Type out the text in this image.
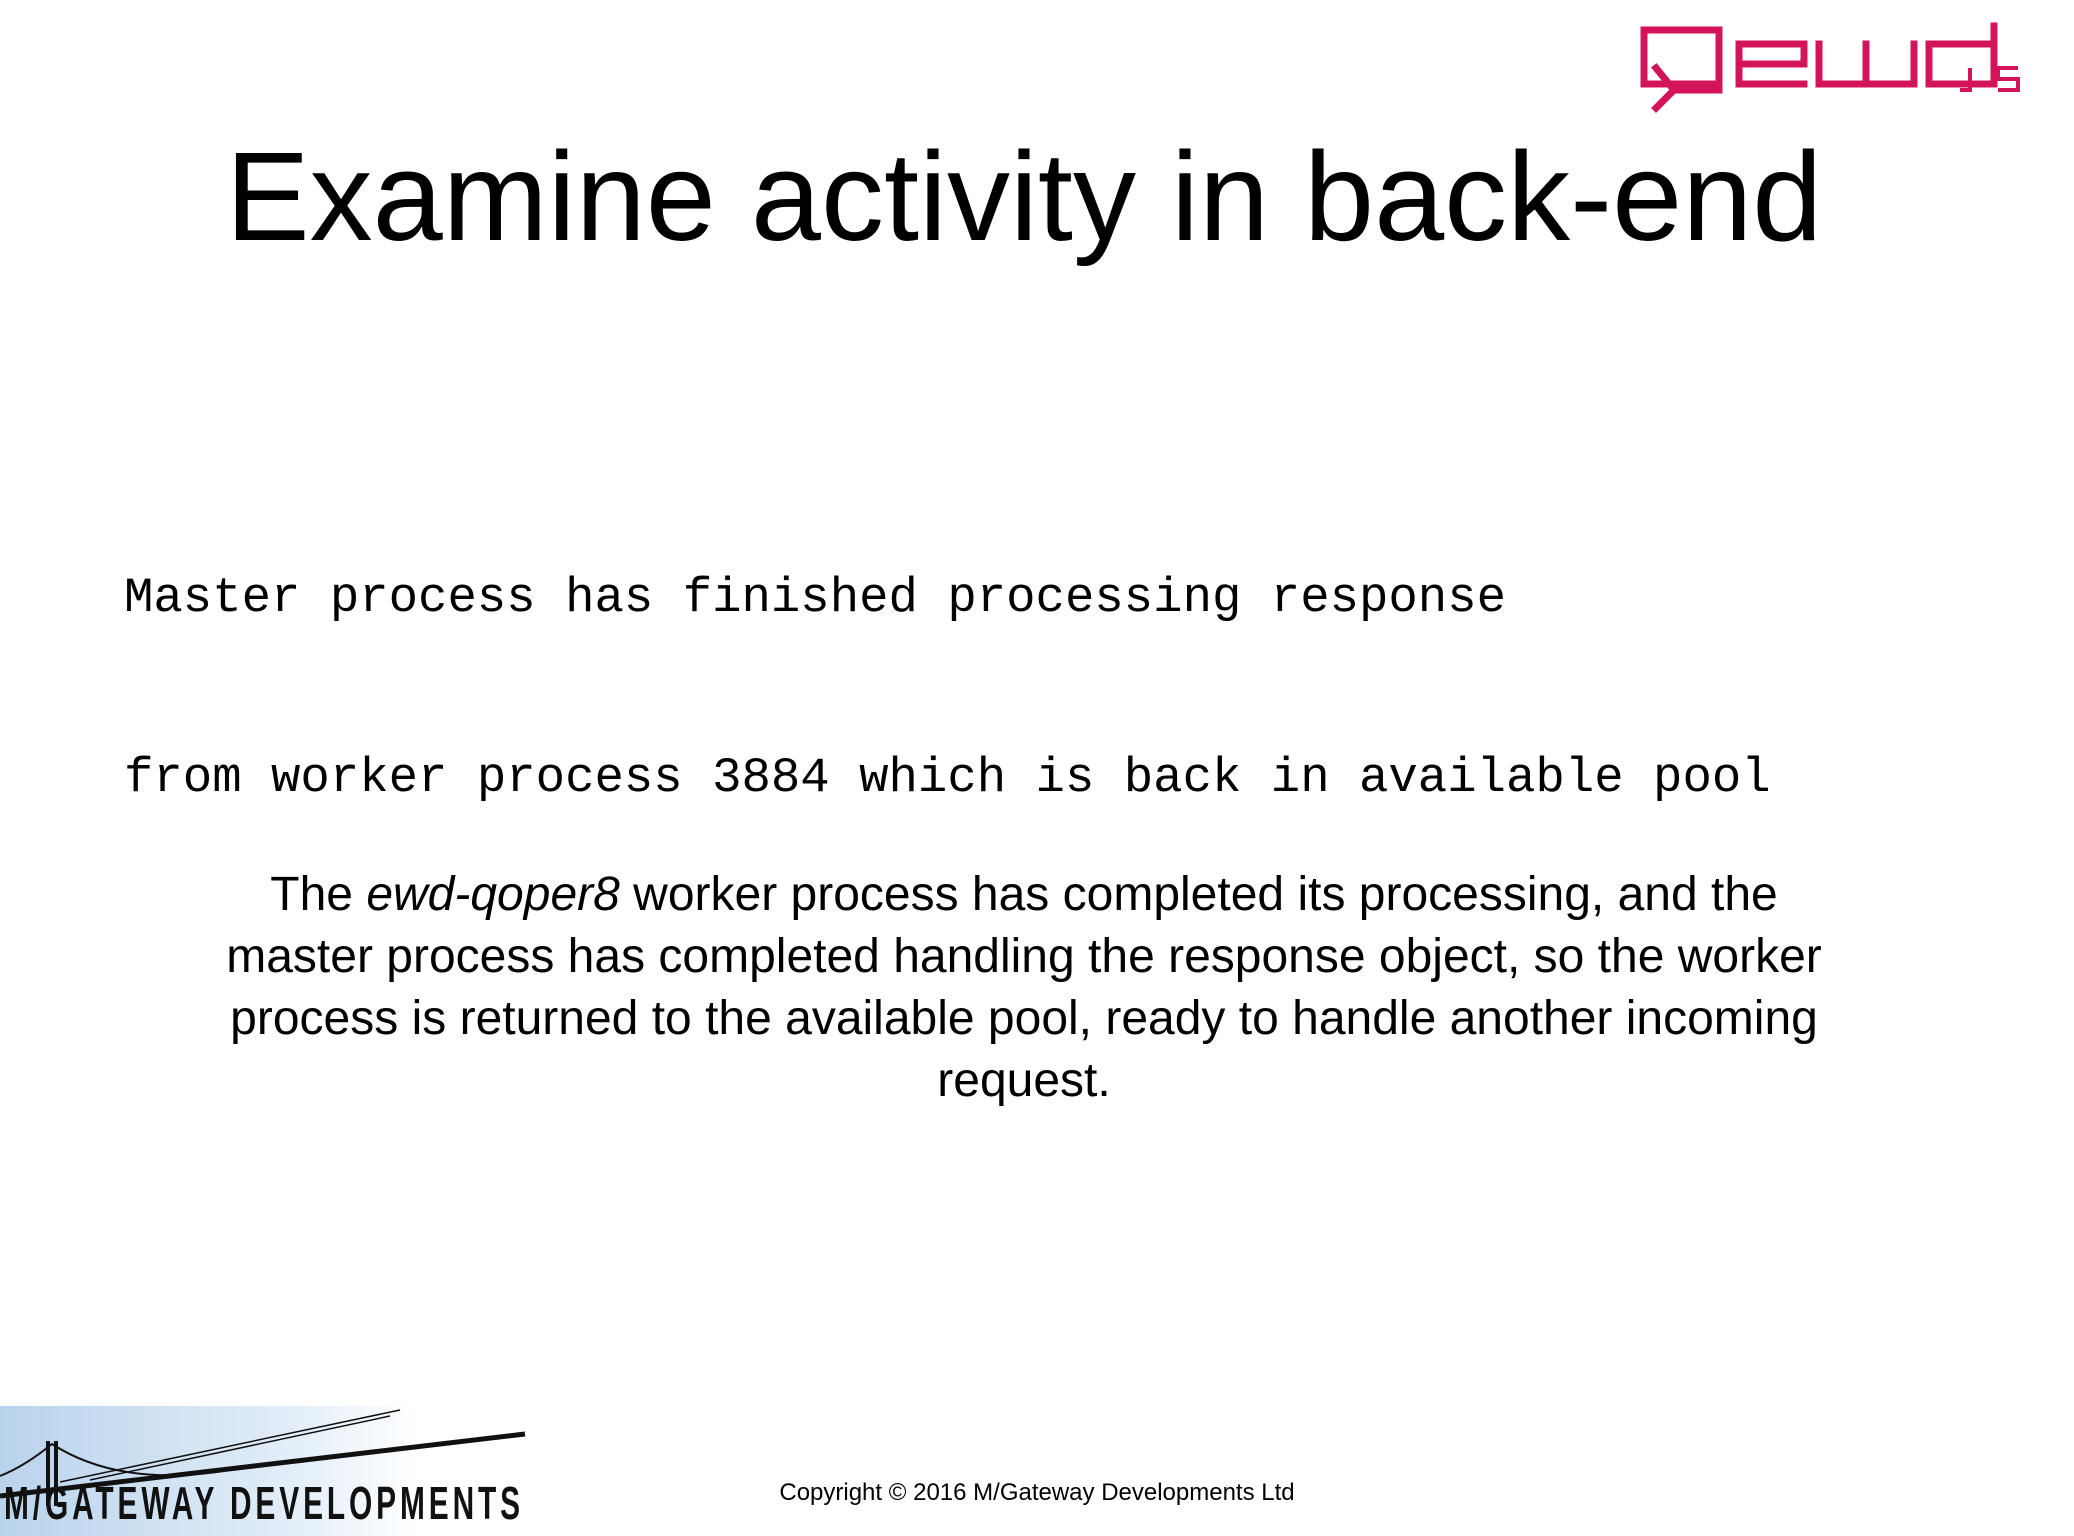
Examine activity in back-end

Master process has finished processing response

from worker process 3884 which is back in available pool

The ewd-qoper8 worker process has completed its processing, and the master process has completed handling the response object, so the worker process is returned to the available pool, ready to handle another incoming request.
M/GATEWAY DEVELOPMENTS	Copyright © 2016 M/Gateway Developments Ltd
